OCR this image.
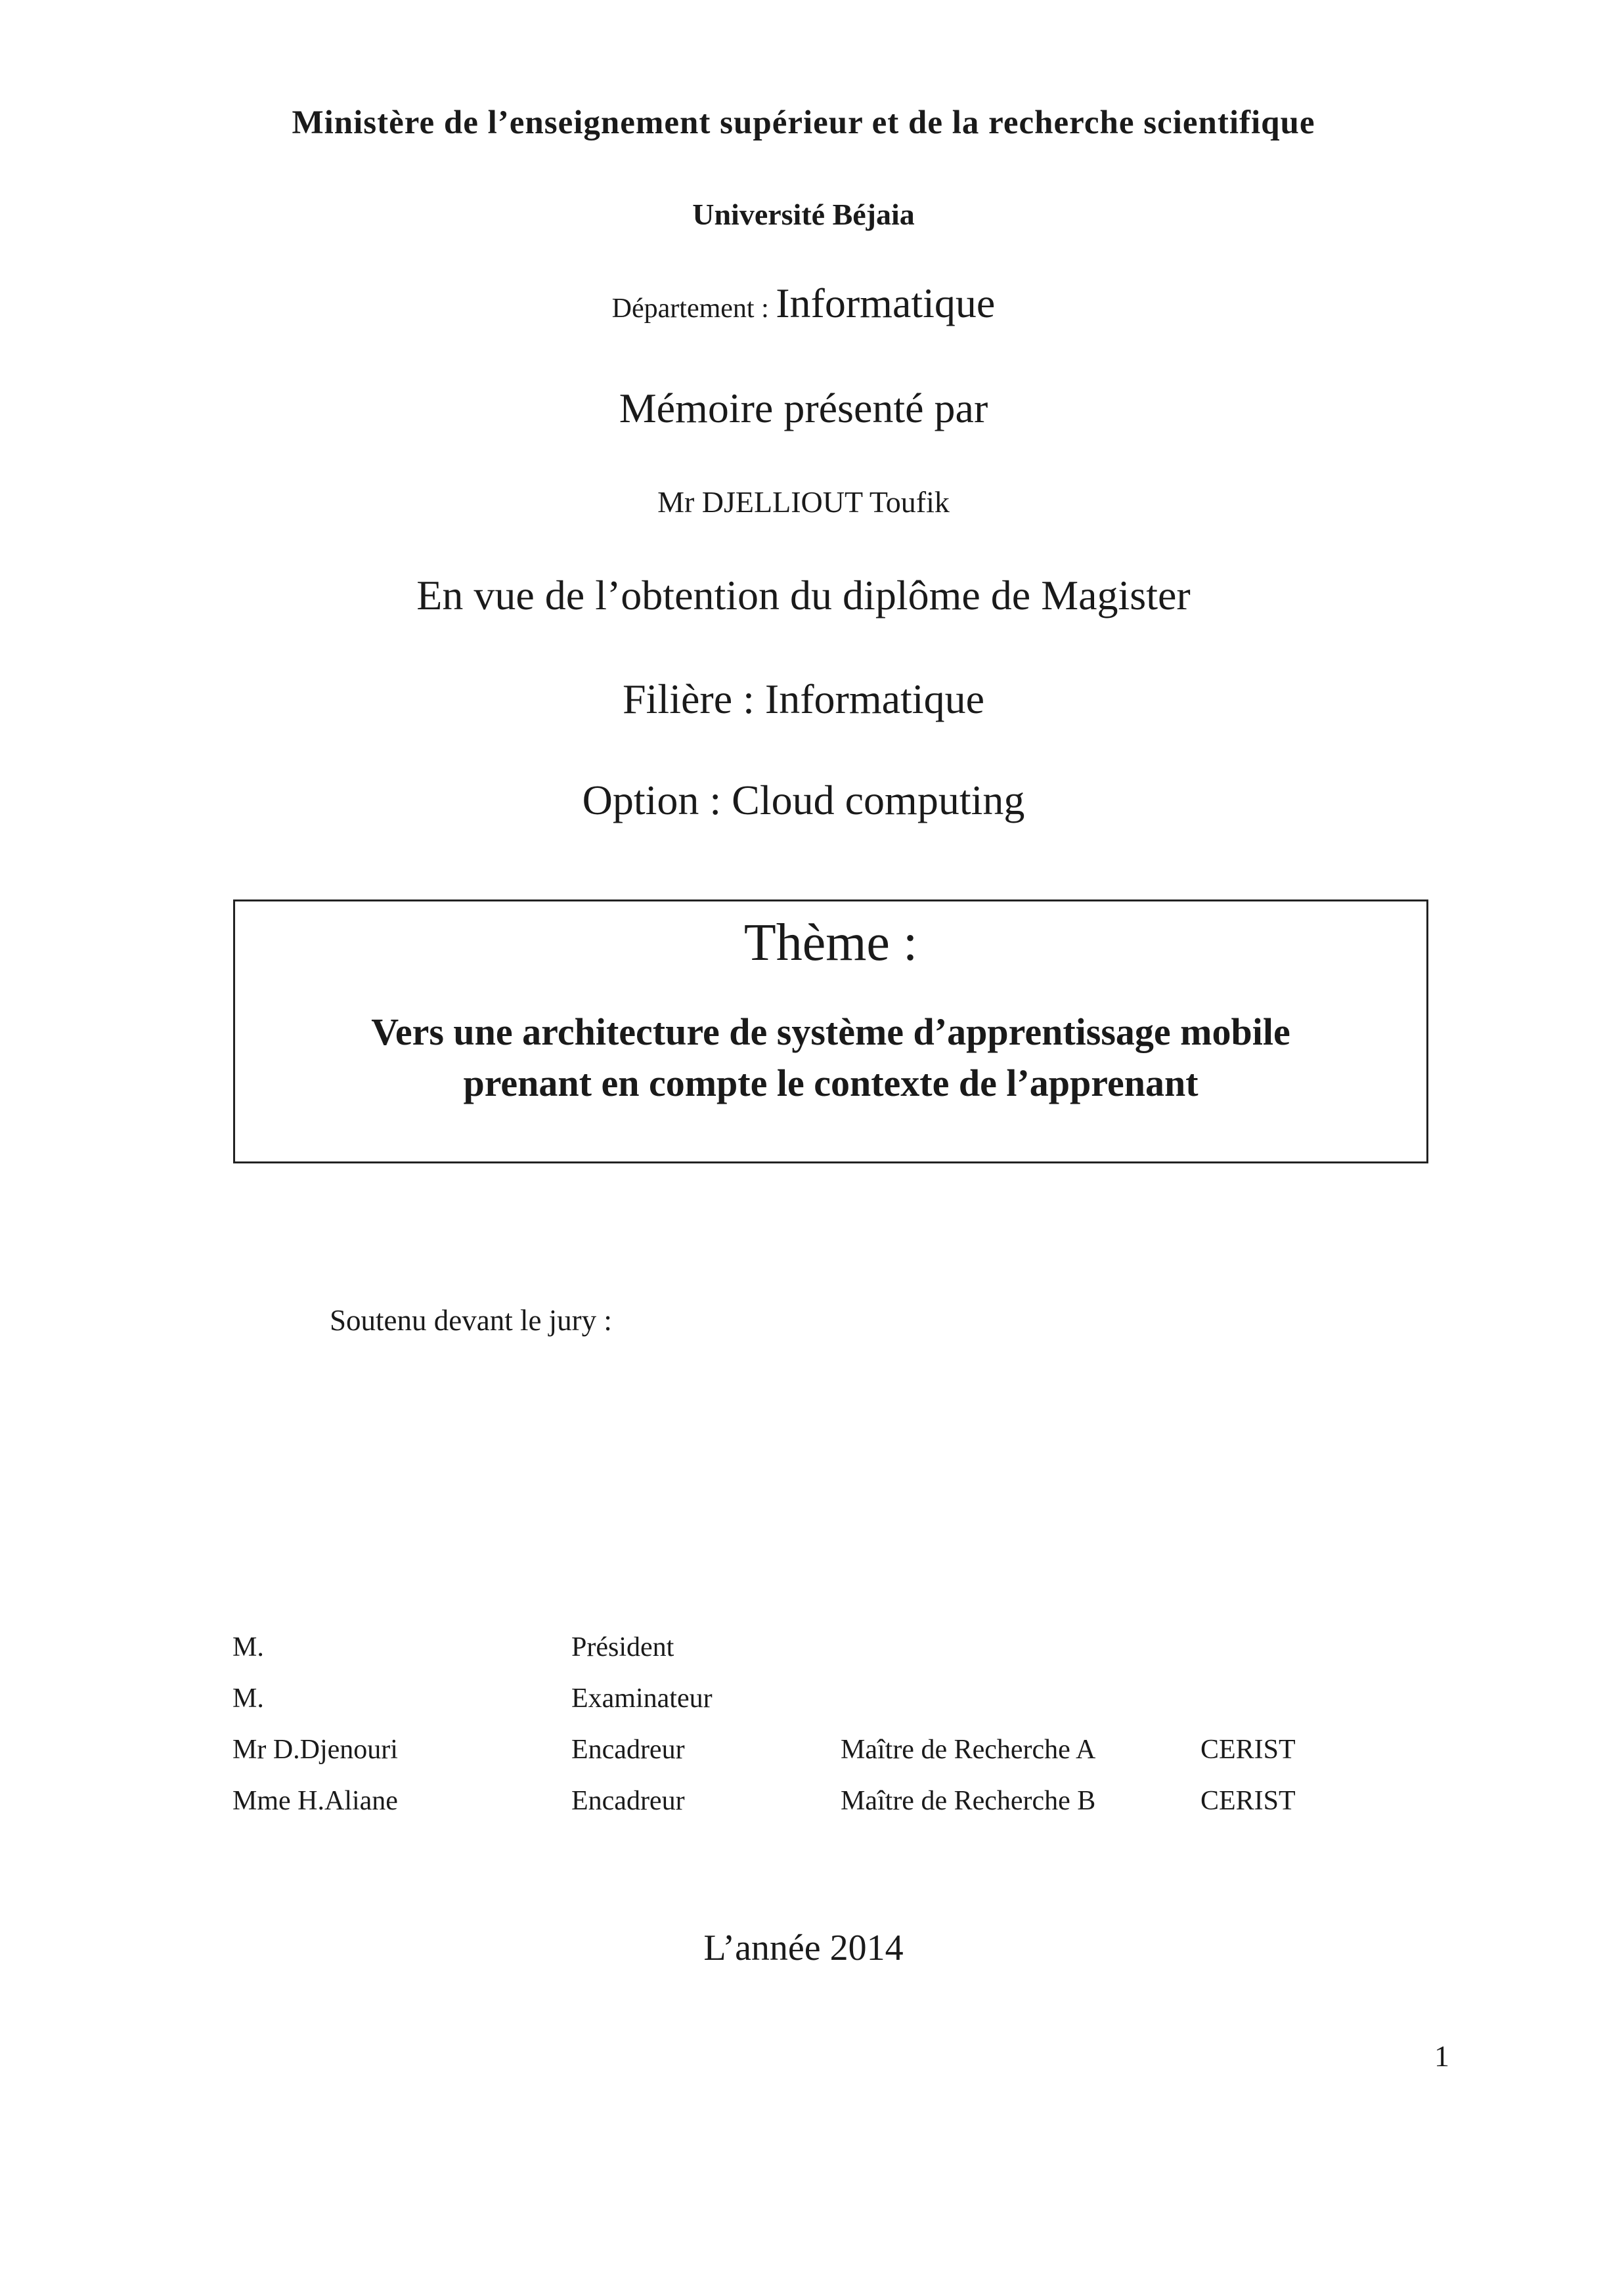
Ministère de l’enseignement supérieur et de la recherche scientifique
Université Béjaia
Département : Informatique
Mémoire présenté par
Mr DJELLIOUT Toufik
En vue de l’obtention du diplôme de Magister
Filière : Informatique
Option : Cloud computing
Thème :
Vers une architecture de système d’apprentissage mobile
prenant en compte le contexte de l’apprenant
Soutenu devant le jury :
M.	Président		
M.	Examinateur		
Mr D.Djenouri	Encadreur	Maître de Recherche A	CERIST
Mme H.Aliane	Encadreur	Maître de Recherche B	CERIST
L’année 2014
1
